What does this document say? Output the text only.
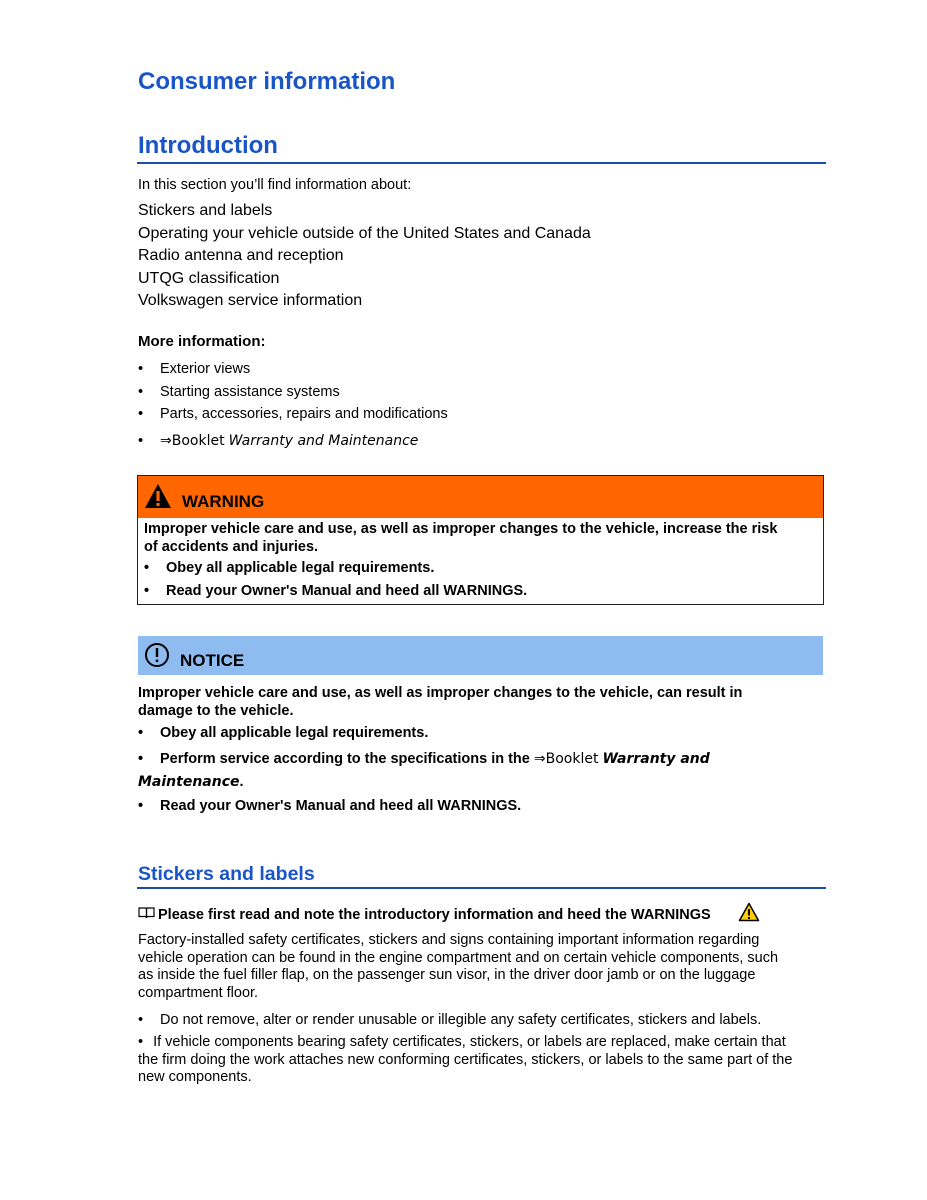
Consumer information
Introduction
In this section you’ll find information about:
Stickers and labels
Operating your vehicle outside of the United States and Canada
Radio antenna and reception
UTQG classification
Volkswagen service information
More information:
• Exterior views
• Starting assistance systems
• Parts, accessories, repairs and modifications
• ⇒Booklet Warranty and Maintenance
WARNING
Improper vehicle care and use, as well as improper changes to the vehicle, increase the risk
of accidents and injuries.
• Obey all applicable legal requirements.
• Read your Owner's Manual and heed all WARNINGS.
NOTICE
Improper vehicle care and use, as well as improper changes to the vehicle, can result in
damage to the vehicle.
• Obey all applicable legal requirements.
• Perform service according to the specifications in the ⇒Booklet Warranty and
Maintenance.
• Read your Owner's Manual and heed all WARNINGS.
Stickers and labels
Please first read and note the introductory information and heed the WARNINGS
Factory-installed safety certificates, stickers and signs containing important information regarding
vehicle operation can be found in the engine compartment and on certain vehicle components, such
as inside the fuel filler flap, on the passenger sun visor, in the driver door jamb or on the luggage
compartment floor.
• Do not remove, alter or render unusable or illegible any safety certificates, stickers and labels.
• If vehicle components bearing safety certificates, stickers, or labels are replaced, make certain that
the firm doing the work attaches new conforming certificates, stickers, or labels to the same part of the
new components.
